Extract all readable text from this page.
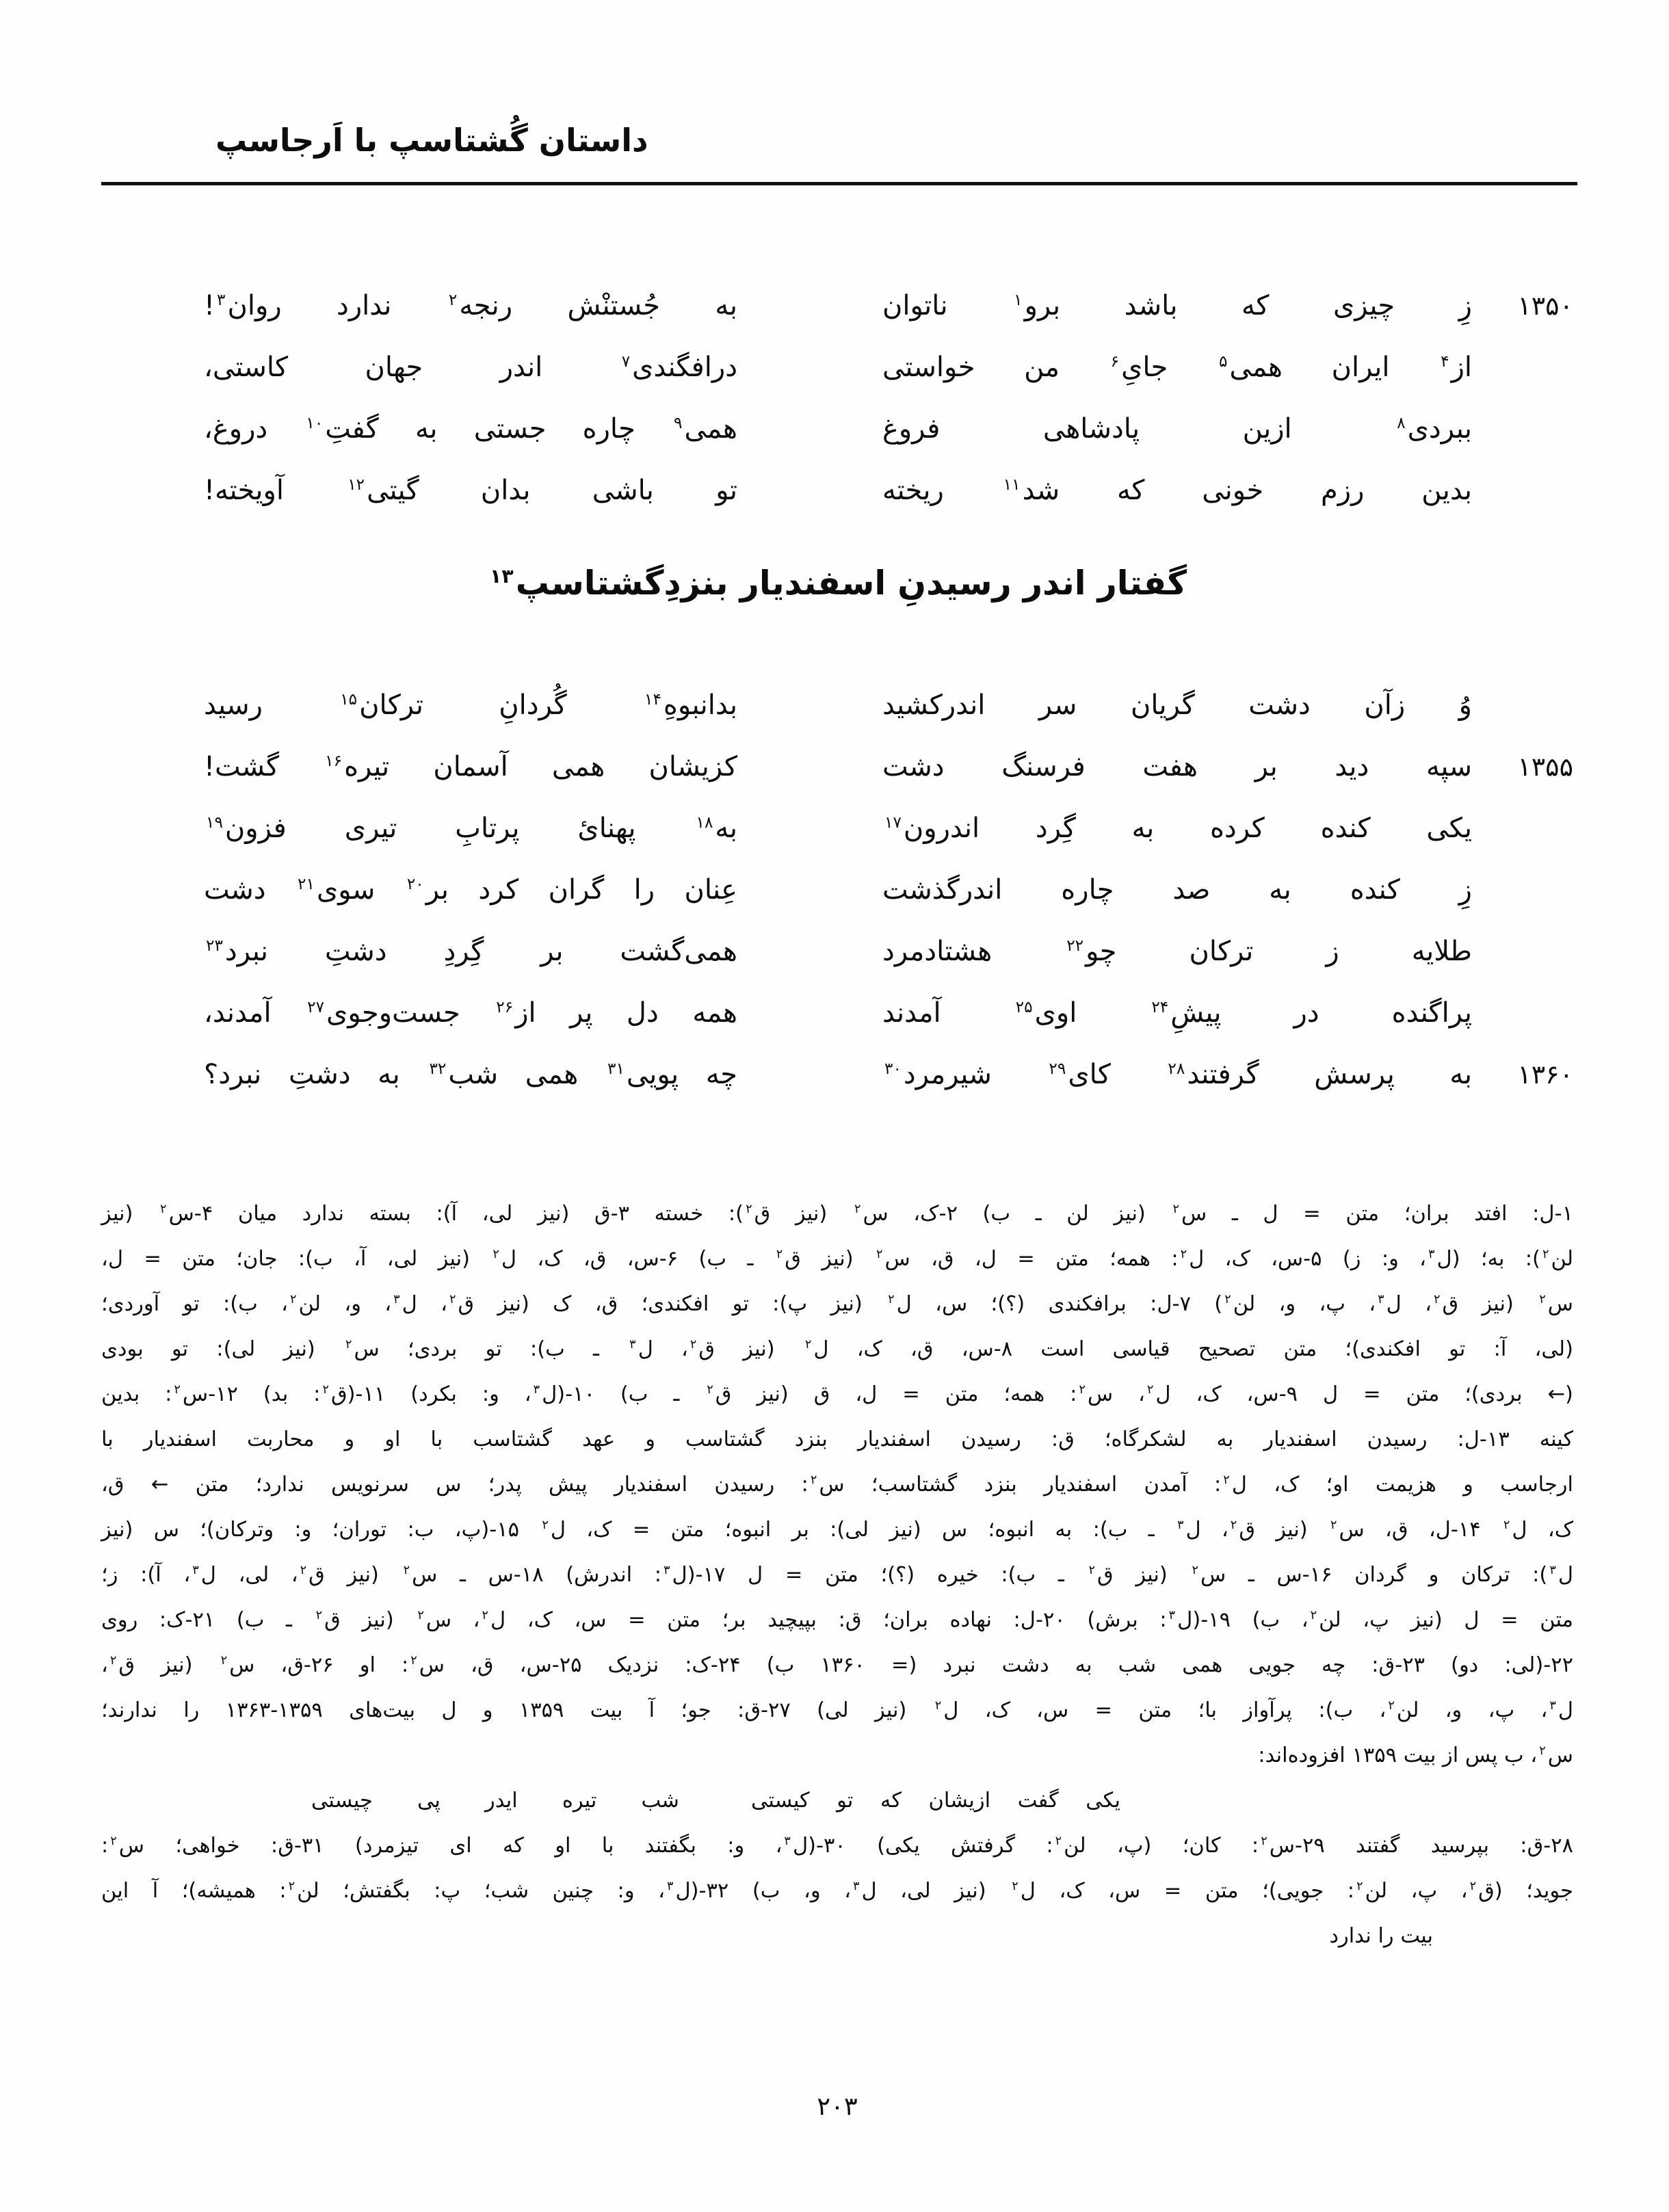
داستان گُشتاسپ با اَرجاسپ
۱۳۵۰
زِ چیزی که باشد برو$^۱$ ناتوان
به جُستنْش رنجه$^۲$ ندارد روان$^۳$!
از$^۴$ ایران همی$^۵$ جایِ$^۶$ من خواستی
درافگندی$^۷$ اندر جهان کاستی،
ببردی$^۸$ ازین پادشاهی فروغ
همی$^۹$ چاره جستی به گفتِ$^{۱۰}$ دروغ،
بدین رزم خونی که شد$^{۱۱}$ ریخته
تو باشی بدان گیتی$^{۱۲}$ آویخته!
گفتار اندر رسیدنِ اسفندیار بنزدِگشتاسپ$^{۱۳}$
وُ زآن دشت گریان سر اندرکشید
بدانبوهِ$^{۱۴}$ گُردانِ ترکان$^{۱۵}$ رسید
۱۳۵۵
سپه دید بر هفت فرسنگ دشت
کزیشان همی آسمان تیره$^{۱۶}$ گشت!
یکی کنده کرده به گِرد اندرون$^{۱۷}$
به$^{۱۸}$ پهنائ پرتابِ تیری فزون$^{۱۹}$
زِ کنده به صد چاره اندرگذشت
عِنان را گران کرد بر$^{۲۰}$ سوی$^{۲۱}$ دشت
طلایه ز ترکان چو$^{۲۲}$ هشتادمرد
همی‌گشت بر گِردِ دشتِ نبرد$^{۲۳}$
پراگنده در پیشِ$^{۲۴}$ اوی$^{۲۵}$ آمدند
همه دل پر از$^{۲۶}$ جست‌وجوی$^{۲۷}$ آمدند،
۱۳۶۰
به پرسش گرفتند$^{۲۸}$ کای$^{۲۹}$ شیرمرد$^{۳۰}$
چه پویی$^{۳۱}$ همی شب$^{۳۲}$ به دشتِ نبرد؟
۱-ل: افتد بران؛ متن = ل ـ س$^۲$ (نیز لن ـ ب) ۲-ک، س$^۲$ (نیز ق$^۲$): خسته ۳-ق (نیز لی، آ): بسته ندارد میان ۴-س$^۲$ (نیز
لن$^۲$): به؛ (ل$^۳$، و: ز) ۵-س، ک، ل$^۲$: همه؛ متن = ل، ق، س$^۲$ (نیز ق$^۲$ ـ ب) ۶-س، ق، ک، ل$^۲$ (نیز لی، آ، ب): جان؛ متن = ل،
س$^۲$ (نیز ق$^۲$، ل$^۳$، پ، و، لن$^۲$) ۷-ل: برافکندی (؟)؛ س، ل$^۲$ (نیز پ): تو افکندی؛ ق، ک (نیز ق$^۲$، ل$^۳$، و، لن$^۲$، ب): تو آوردی؛
(لی، آ: تو افکندی)؛ متن تصحیح قیاسی است ۸-س، ق، ک، ل$^۲$ (نیز ق$^۲$، ل$^۳$ ـ ب): تو بردی؛ س$^۲$ (نیز لی): تو بودی
(← بردی)؛ متن = ل ۹-س، ک، ل$^۲$، س$^۲$: همه؛ متن = ل، ق (نیز ق$^۲$ ـ ب) ۱۰-(ل$^۳$، و: بکرد) ۱۱-(ق$^۲$: بد) ۱۲-س$^۲$: بدین
کینه ۱۳-ل: رسیدن اسفندیار به لشکرگاه؛ ق: رسیدن اسفندیار بنزد گشتاسب و عهد گشتاسب با او و محاربت اسفندیار با
ارجاسب و هزیمت او؛ ک، ل$^۲$: آمدن اسفندیار بنزد گشتاسب؛ س$^۲$: رسیدن اسفندیار پیش پدر؛ س سرنویس ندارد؛ متن ← ق،
ک، ل$^۲$ ۱۴-ل، ق، س$^۲$ (نیز ق$^۲$، ل$^۳$ ـ ب): به انبوه؛ س (نیز لی): بر انبوه؛ متن = ک، ل$^۲$ ۱۵-(پ، ب: توران؛ و: وترکان)؛ س (نیز
ل$^۳$): ترکان و گردان ۱۶-س ـ س$^۲$ (نیز ق$^۲$ ـ ب): خیره (؟)؛ متن = ل ۱۷-(ل$^۳$: اندرش) ۱۸-س ـ س$^۲$ (نیز ق$^۲$، لی، ل$^۳$، آ): ز؛
متن = ل (نیز پ، لن$^۲$، ب) ۱۹-(ل$^۳$: برش) ۲۰-ل: نهاده بران؛ ق: بپیچید بر؛ متن = س، ک، ل$^۲$، س$^۲$ (نیز ق$^۲$ ـ ب) ۲۱-ک: روی
۲۲-(لی: دو) ۲۳-ق: چه جویی همی شب به دشت نبرد (= ۱۳۶۰ ب) ۲۴-ک: نزدیک ۲۵-س، ق، س$^۲$: او ۲۶-ق، س$^۲$ (نیز ق$^۲$،
ل$^۳$، پ، و، لن$^۲$، ب): پرآواز با؛ متن = س، ک، ل$^۲$ (نیز لی) ۲۷-ق: جو؛ آ بیت ۱۳۵۹ و ل بیت‌های ۱۳۵۹-۱۳۶۳ را ندارند؛
س$^۲$، ب پس از بیت ۱۳۵۹ افزوده‌اند:
یکی گفت ازیشان که تو کیستی
شب تیره ایدر پی چیستی
۲۸-ق: بپرسید گفتند ۲۹-س$^۲$: کان؛ (پ، لن$^۲$: گرفتش یکی) ۳۰-(ل$^۳$، و: بگفتند با او که ای تیزمرد) ۳۱-ق: خواهی؛ س$^۲$:
جوید؛ (ق$^۲$، پ، لن$^۲$: جویی)؛ متن = س، ک، ل$^۲$ (نیز لی، ل$^۳$، و، ب) ۳۲-(ل$^۳$، و: چنین شب؛ پ: بگفتش؛ لن$^۲$: همیشه)؛ آ این
بیت را ندارد
۲۰۳
